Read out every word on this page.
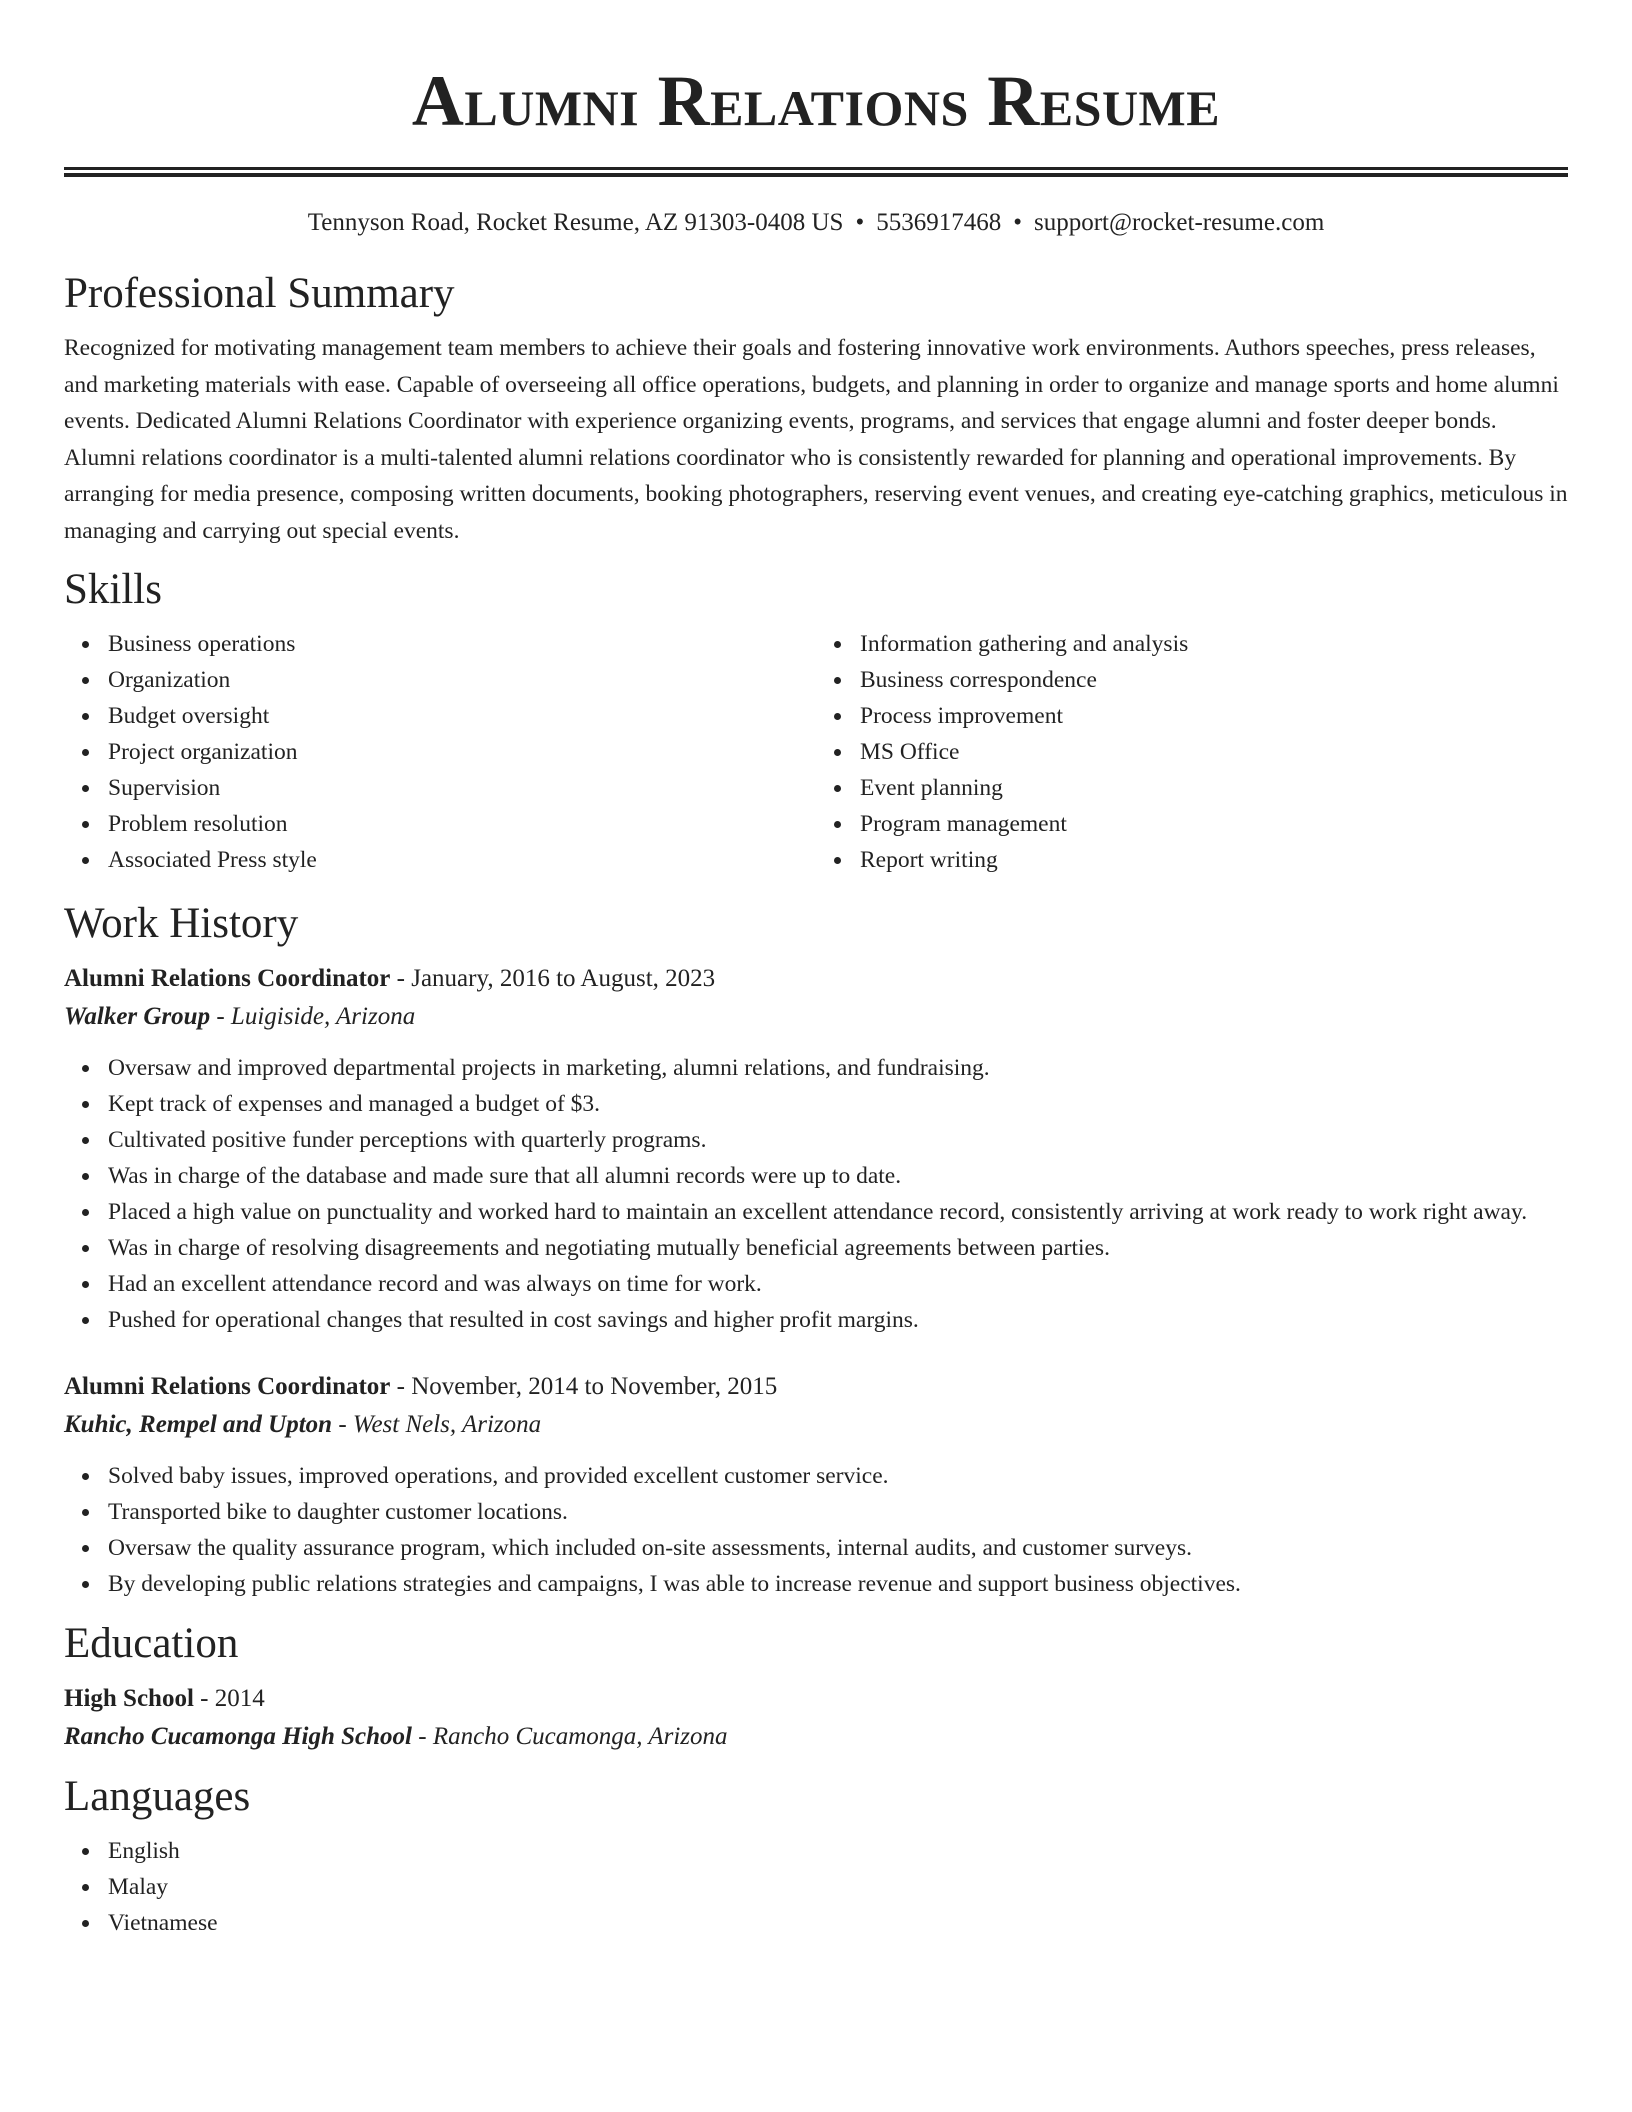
Alumni Relations Resume
Tennyson Road, Rocket Resume, AZ 91303-0408 US • 5536917468 • support@rocket-resume.com
Professional Summary

Recognized for motivating management team members to achieve their goals and fostering innovative work environments. Authors speeches, press releases, and marketing materials with ease. Capable of overseeing all office operations, budgets, and planning in order to organize and manage sports and home alumni events. Dedicated Alumni Relations Coordinator with experience organizing events, programs, and services that engage alumni and foster deeper bonds. Alumni relations coordinator is a multi-talented alumni relations coordinator who is consistently rewarded for planning and operational improvements. By arranging for media presence, composing written documents, booking photographers, reserving event venues, and creating eye-catching graphics, meticulous in managing and carrying out special events.

Skills
Business operations
Organization
Budget oversight
Project organization
Supervision
Problem resolution
Associated Press style
Information gathering and analysis
Business correspondence
Process improvement
MS Office
Event planning
Program management
Report writing
Work History
Alumni Relations Coordinator - January, 2016 to August, 2023
Walker Group - Luigiside, Arizona
Oversaw and improved departmental projects in marketing, alumni relations, and fundraising.
Kept track of expenses and managed a budget of $3.
Cultivated positive funder perceptions with quarterly programs.
Was in charge of the database and made sure that all alumni records were up to date.
Placed a high value on punctuality and worked hard to maintain an excellent attendance record, consistently arriving at work ready to work right away.
Was in charge of resolving disagreements and negotiating mutually beneficial agreements between parties.
Had an excellent attendance record and was always on time for work.
Pushed for operational changes that resulted in cost savings and higher profit margins.
Alumni Relations Coordinator - November, 2014 to November, 2015
Kuhic, Rempel and Upton - West Nels, Arizona
Solved baby issues, improved operations, and provided excellent customer service.
Transported bike to daughter customer locations.
Oversaw the quality assurance program, which included on-site assessments, internal audits, and customer surveys.
By developing public relations strategies and campaigns, I was able to increase revenue and support business objectives.
Education
High School - 2014
Rancho Cucamonga High School - Rancho Cucamonga, Arizona
Languages
English
Malay
Vietnamese
